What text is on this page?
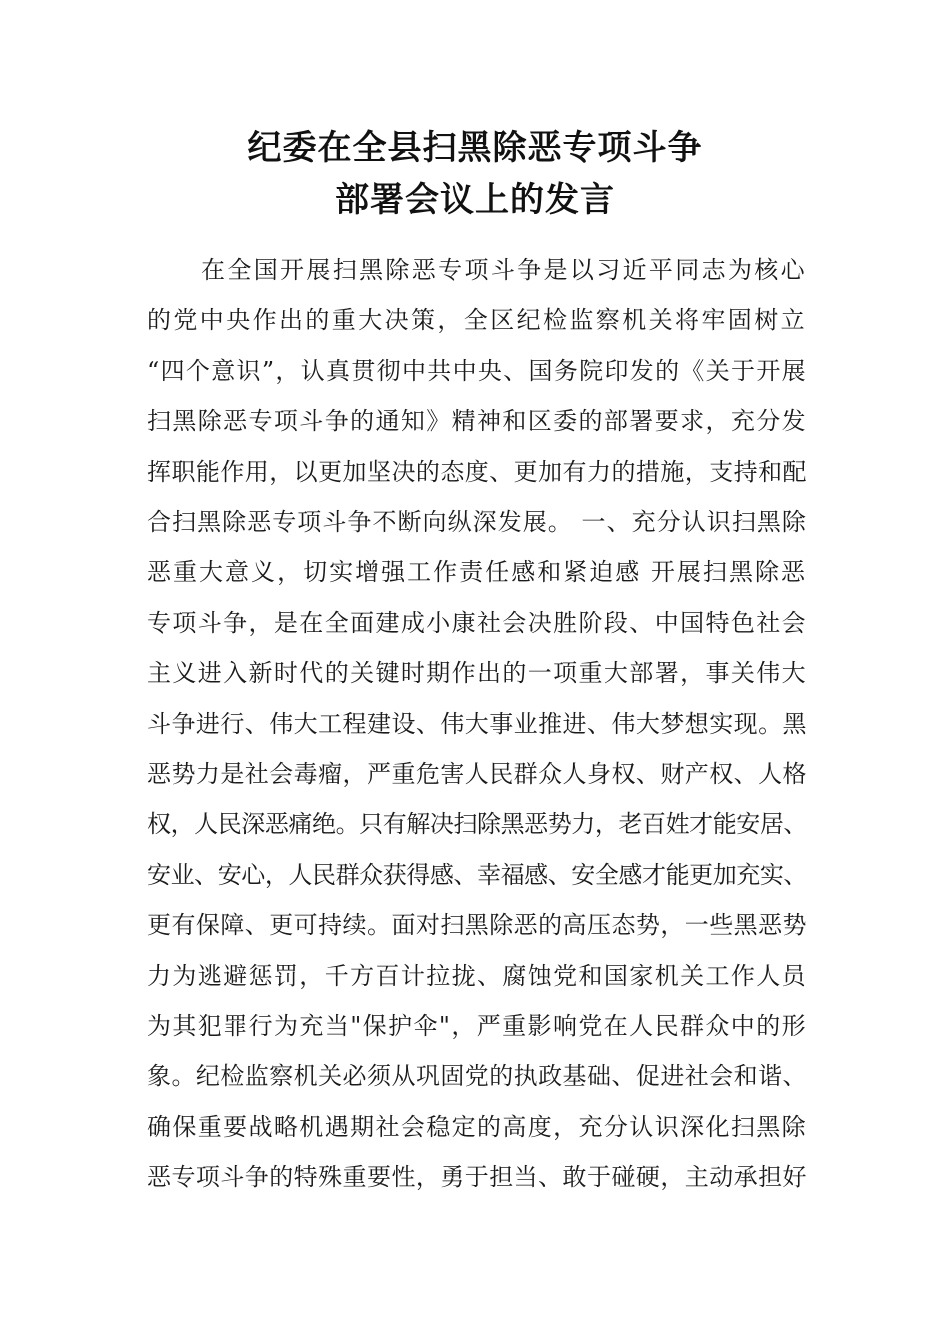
纪委在全县扫黑除恶专项斗争
部署会议上的发言
在全国开展扫黑除恶专项斗争是以习近平同志为核心
的党中央作出的重大决策，全区纪检监察机关将牢固树立
“四个意识”，认真贯彻中共中央、国务院印发的《关于开展
扫黑除恶专项斗争的通知》精神和区委的部署要求，充分发
挥职能作用，以更加坚决的态度、更加有力的措施，支持和配
合扫黑除恶专项斗争不断向纵深发展。 一、充分认识扫黑除
恶重大意义，切实增强工作责任感和紧迫感 开展扫黑除恶
专项斗争，是在全面建成小康社会决胜阶段、中国特色社会
主义进入新时代的关键时期作出的一项重大部署，事关伟大
斗争进行、伟大工程建设、伟大事业推进、伟大梦想实现。黑
恶势力是社会毒瘤，严重危害人民群众人身权、财产权、人格
权，人民深恶痛绝。只有解决扫除黑恶势力，老百姓才能安居、
安业、安心，人民群众获得感、幸福感、安全感才能更加充实、
更有保障、更可持续。面对扫黑除恶的高压态势，一些黑恶势
力为逃避惩罚，千方百计拉拢、腐蚀党和国家机关工作人员
为其犯罪行为充当"保护伞"，严重影响党在人民群众中的形
象。纪检监察机关必须从巩固党的执政基础、促进社会和谐、
确保重要战略机遇期社会稳定的高度，充分认识深化扫黑除
恶专项斗争的特殊重要性，勇于担当、敢于碰硬，主动承担好
